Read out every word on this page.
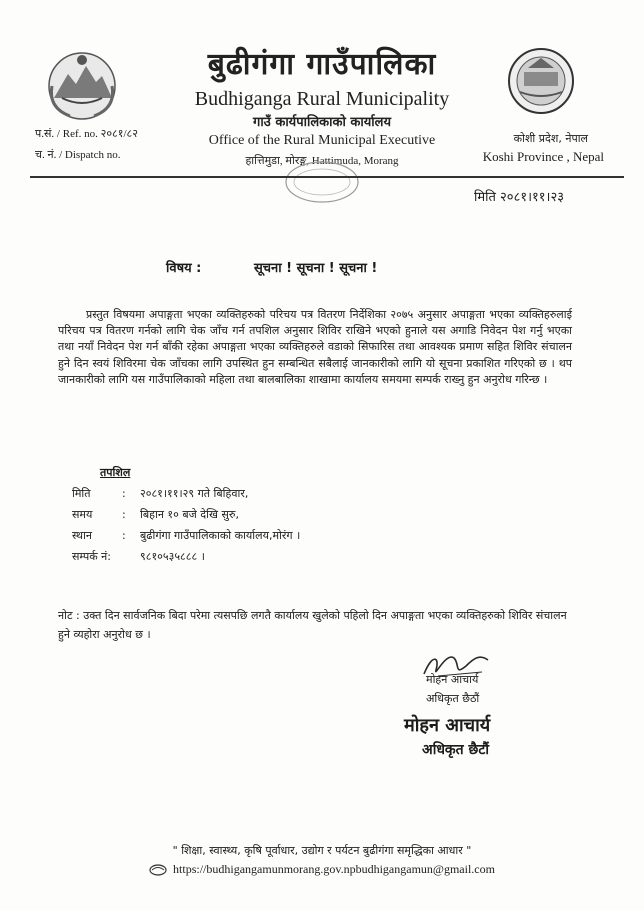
बुढीगंगा गाउँपालिका
Budhiganga Rural Municipality
गाउँ कार्यपालिकाको कार्यालय
Office of the Rural Municipal Executive
हात्तिमुडा, मोरङ्ग, Hattimuda, Morang
प.सं. / Ref. no. २०८१/८२
च. नं. / Dispatch no.
कोशी प्रदेश, नेपाल
Koshi Province , Nepal
मिति २०८१।११।२३
विषय :	सूचना ! सूचना ! सूचना !
प्रस्तुत विषयमा अपाङ्गता भएका व्यक्तिहरुको परिचय पत्र वितरण निर्देशिका २०७५ अनुसार अपाङ्गता भएका व्यक्तिहरुलाई परिचय पत्र वितरण गर्नको लागि चेक जाँच गर्न तपशिल अनुसार शिविर राखिने भएको हुनाले यस अगाडि निवेदन पेश गर्नु भएका तथा नयाँ निवेदन पेश गर्न बाँकी रहेका अपाङ्गता भएका व्यक्तिहरुले वडाको सिफारिस तथा आवश्यक प्रमाण सहित शिविर संचालन हुने दिन स्वयं शिविरमा चेक जाँचका लागि उपस्थित हुन सम्बन्धित सबैलाई जानकारीको लागि यो सूचना प्रकाशित गरिएको छ । थप जानकारीको लागि यस गाउँपालिकाको महिला तथा बालबालिका शाखामा कार्यालय समयमा सम्पर्क राख्नु हुन अनुरोध गरिन्छ ।
तपशिल
मिति	:	२०८१।११।२९ गते बिहिवार,
समय	:	बिहान १० बजे देखि सुरु,
स्थान	:	बुढीगंगा गाउँपालिकाको कार्यालय,मोरंग ।
सम्पर्क नं:	९८१०५३५८८८ ।
नोट : उक्त दिन सार्वजनिक बिदा परेमा त्यसपछि लगतै कार्यालय खुलेको पहिलो दिन अपाङ्गता भएका व्यक्तिहरुको शिविर संचालन हुने व्यहोरा अनुरोध छ ।
मोहन आचार्य
अधिकृत छैठौं
मोहन आचार्य
अधिकृत छैटौं
" शिक्षा, स्वास्थ्य, कृषि पूर्वाधार, उद्योग र पर्यटन बुढीगंगा समृद्धिका आधार "
https://budhigangamunmorang.gov.npbudhigangamun@gmail.com
